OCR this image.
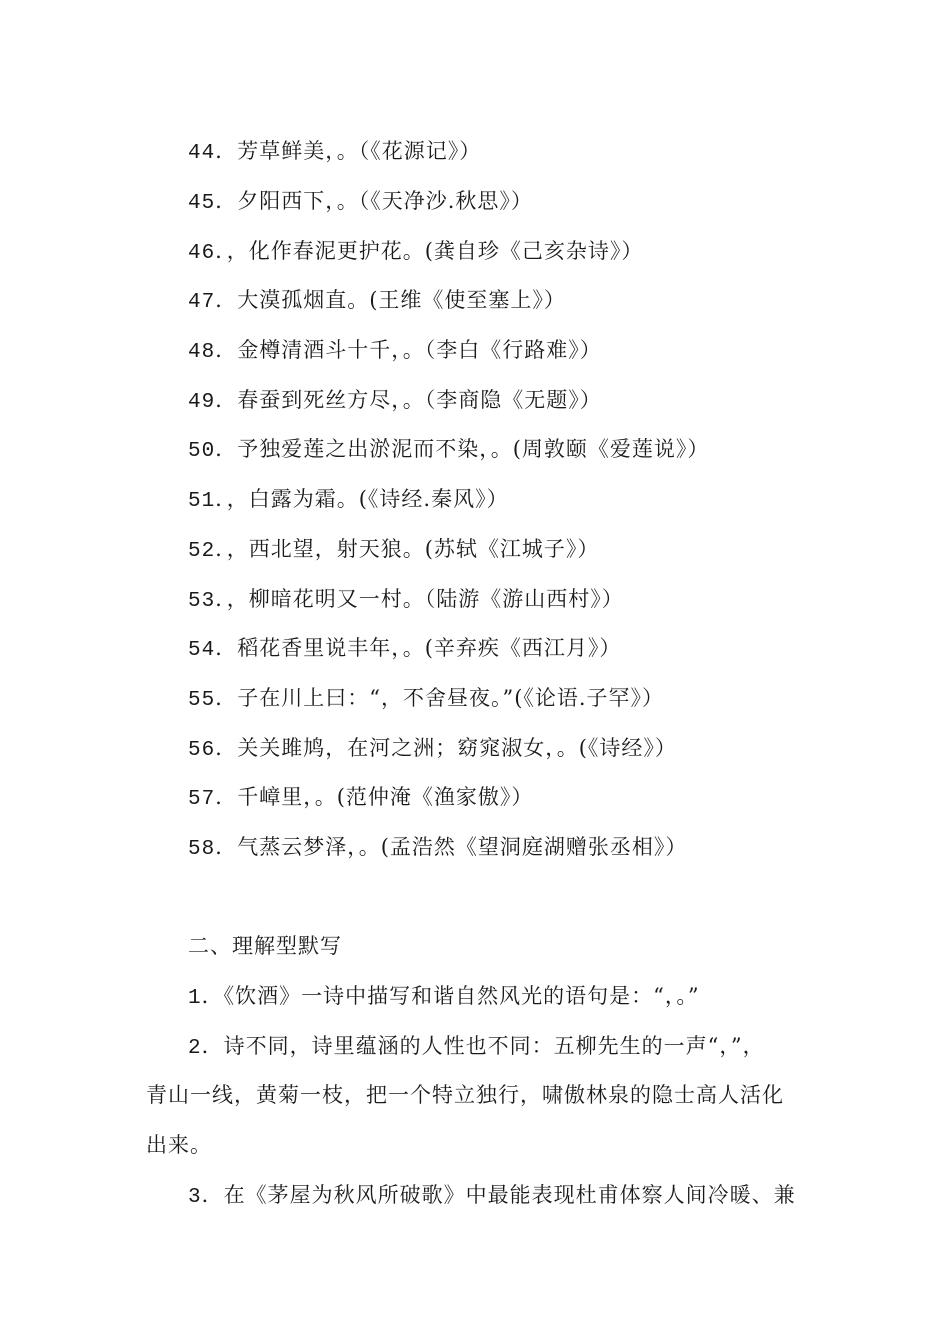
44．芳草鲜美，。（《花源记》）
45．夕阳西下，。（《天净沙.秋思》）
46．，化作春泥更护花。(龚自珍《己亥杂诗》）
47．大漠孤烟直。(王维《使至塞上》）
48．金樽清酒斗十千，。（李白《行路难》）
49．春蚕到死丝方尽，。（李商隐《无题》）
50．予独爱莲之出淤泥而不染，。(周敦颐《爱莲说》）
51．，白露为霜。(《诗经.秦风》）
52．，西北望，射天狼。(苏轼《江城子》）
53．，柳暗花明又一村。（陆游《游山西村》）
54．稻花香里说丰年，。(辛弃疾《西江月》）
55．子在川上曰：“，不舍昼夜。”(《论语.子罕》）
56．关关雎鸠，在河之洲；窈窕淑女，。(《诗经》）
57．千嶂里，。(范仲淹《渔家傲》）
58．气蒸云梦泽，。(孟浩然《望洞庭湖赠张丞相》）
二、理解型默写
1．《饮酒》一诗中描写和谐自然风光的语句是：“，。”
2．诗不同，诗里蕴涵的人性也不同：五柳先生的一声“，”，
青山一线，黄菊一枝，把一个特立独行，啸傲林泉的隐士高人活化
出来。
3．在《茅屋为秋风所破歌》中最能表现杜甫体察人间冷暖、兼
